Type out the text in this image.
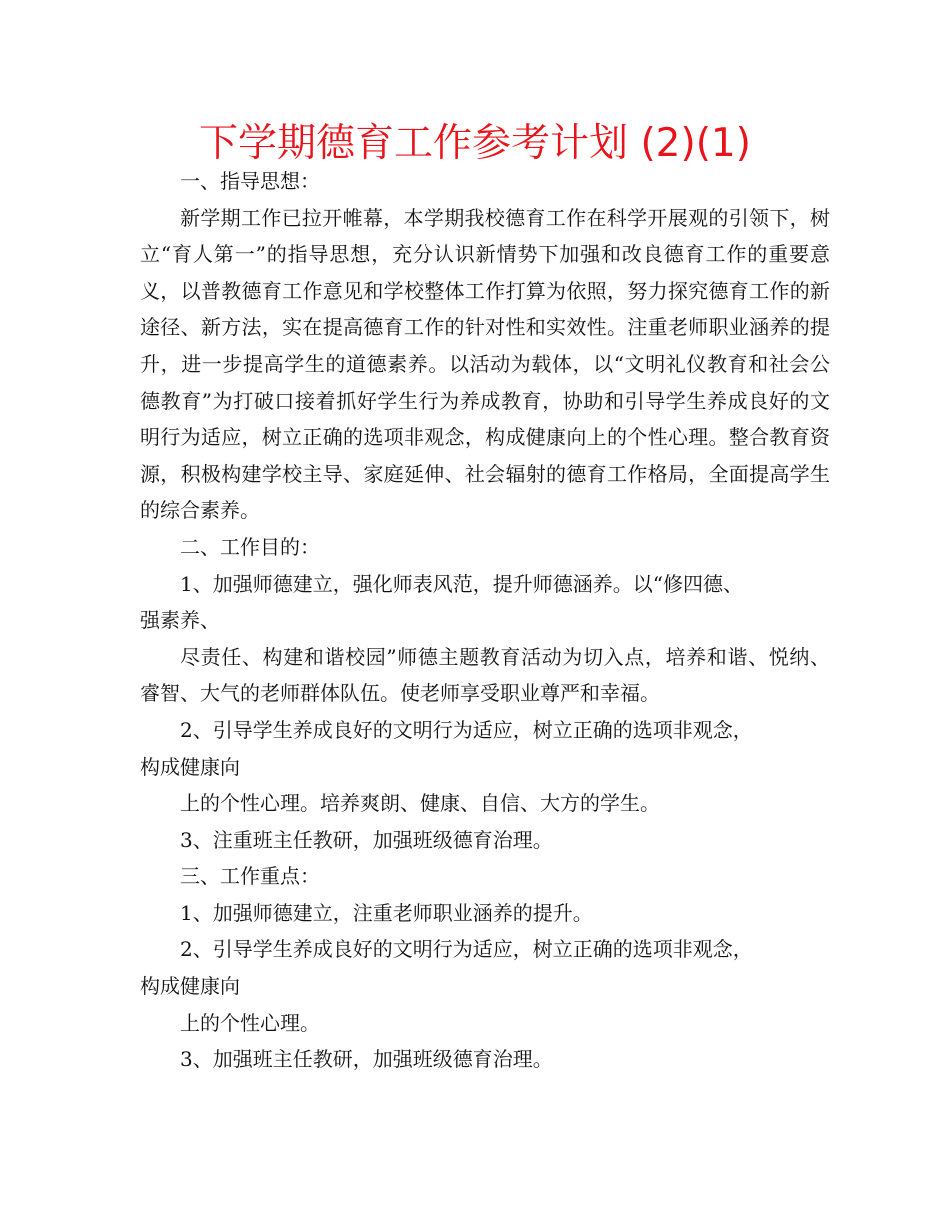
下学期德育工作参考计划 (2)(1)

一、指导思想：

新学期工作已拉开帷幕，本学期我校德育工作在科学开展观的引领下，树立“育人第一”的指导思想，充分认识新情势下加强和改良德育工作的重要意义，以普教德育工作意见和学校整体工作打算为依照，努力探究德育工作的新途径、新方法，实在提高德育工作的针对性和实效性。注重老师职业涵养的提升，进一步提高学生的道德素养。以活动为载体，以“文明礼仪教育和社会公德教育”为打破口接着抓好学生行为养成教育，协助和引导学生养成良好的文明行为适应，树立正确的选项非观念，构成健康向上的个性心理。整合教育资源，积极构建学校主导、家庭延伸、社会辐射的德育工作格局，全面提高学生的综合素养。

二、工作目的：

1、加强师德建立，强化师表风范，提升师德涵养。以“修四德、

强素养、

尽责任、构建和谐校园”师德主题教育活动为切入点，培养和谐、悦纳、睿智、大气的老师群体队伍。使老师享受职业尊严和幸福。

2、引导学生养成良好的文明行为适应，树立正确的选项非观念，

构成健康向

上的个性心理。培养爽朗、健康、自信、大方的学生。

3、注重班主任教研，加强班级德育治理。

三、工作重点：

1、加强师德建立，注重老师职业涵养的提升。

2、引导学生养成良好的文明行为适应，树立正确的选项非观念，

构成健康向

上的个性心理。

3、加强班主任教研，加强班级德育治理。
